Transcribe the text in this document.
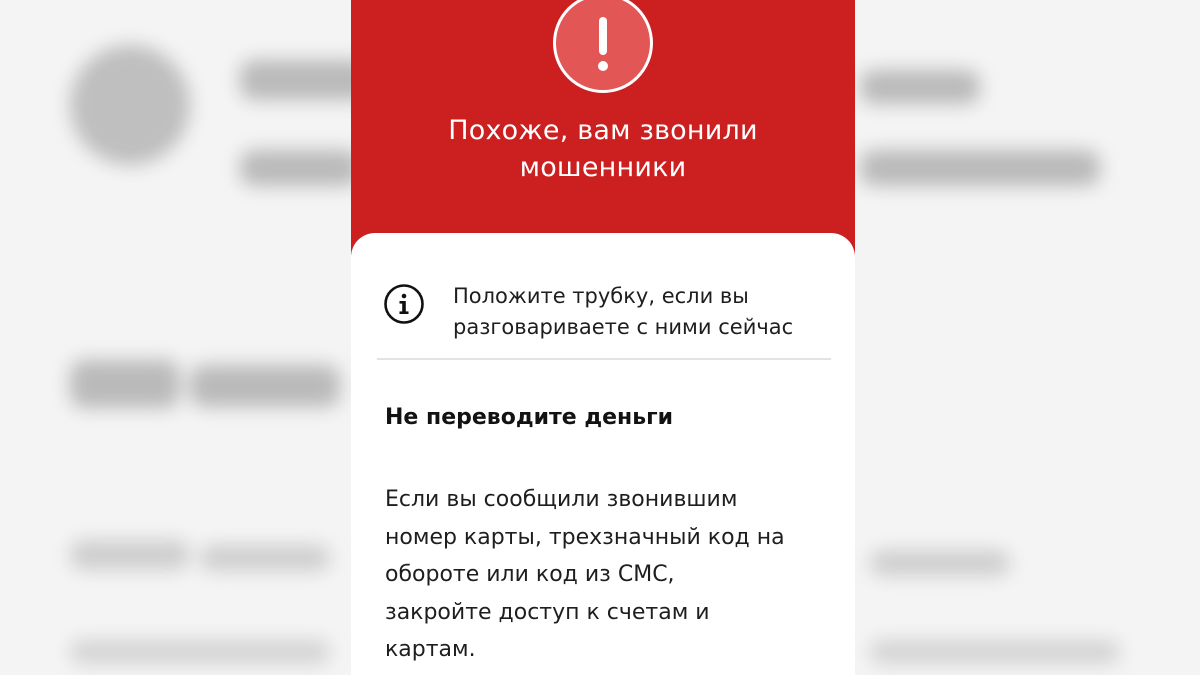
Похоже, вам звонили
мошенники
Положите трубку, если вы
разговариваете с ними сейчас
Не переводите деньги
Если вы сообщили звонившим
номер карты, трехзначный код на
обороте или код из СМС,
закройте доступ к счетам и
картам.
